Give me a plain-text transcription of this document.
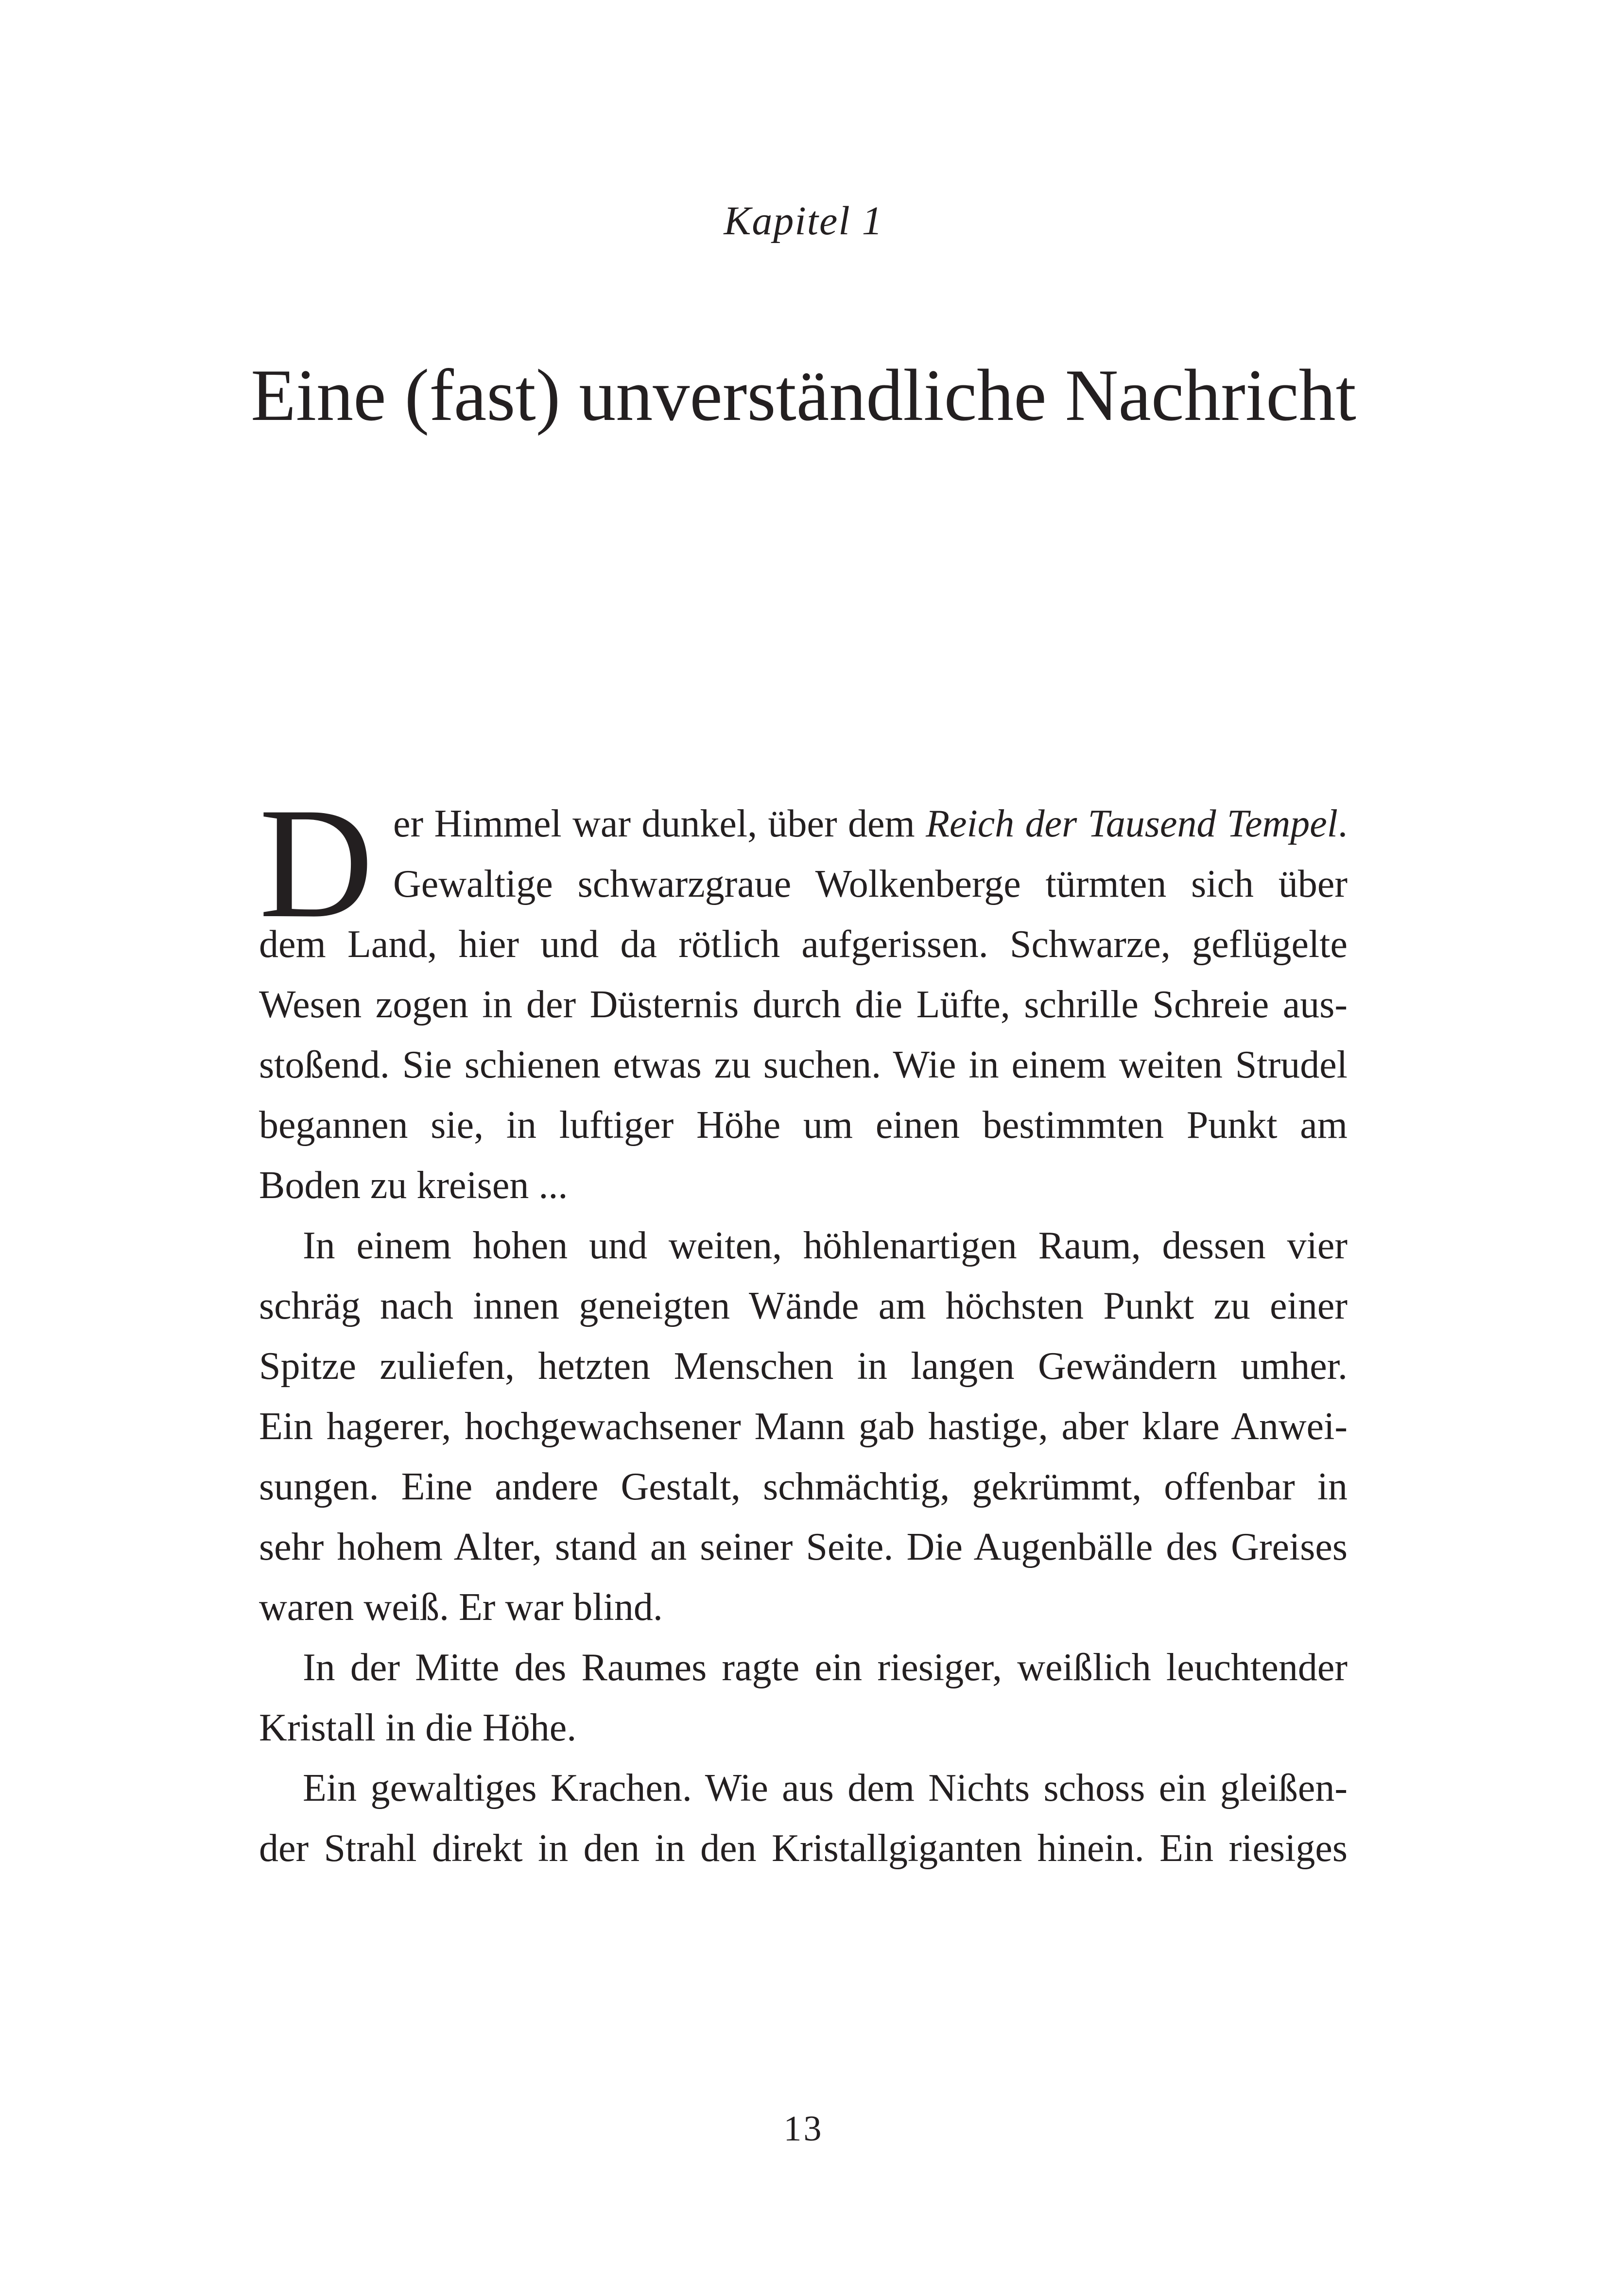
Kapitel 1
Eine (fast) unverständliche Nachricht
D er Himmel war dunkel, über dem Reich der Tausend Tempel.
Gewaltige schwarzgraue Wolkenberge türmten sich über
dem Land, hier und da rötlich aufgerissen. Schwarze, geflügelte
Wesen zogen in der Düsternis durch die Lüfte, schrille Schreie aus-
stoßend. Sie schienen etwas zu suchen. Wie in einem weiten Strudel
begannen sie, in luftiger Höhe um einen bestimmten Punkt am
Boden zu kreisen ...
In einem hohen und weiten, höhlenartigen Raum, dessen vier
schräg nach innen geneigten Wände am höchsten Punkt zu einer
Spitze zuliefen, hetzten Menschen in langen Gewändern umher.
Ein hagerer, hochgewachsener Mann gab hastige, aber klare Anwei-
sungen. Eine andere Gestalt, schmächtig, gekrümmt, offenbar in
sehr hohem Alter, stand an seiner Seite. Die Augenbälle des Greises
waren weiß. Er war blind.
In der Mitte des Raumes ragte ein riesiger, weißlich leuchtender
Kristall in die Höhe.
Ein gewaltiges Krachen. Wie aus dem Nichts schoss ein gleißen-
der Strahl direkt in den in den Kristallgiganten hinein. Ein riesiges
13
